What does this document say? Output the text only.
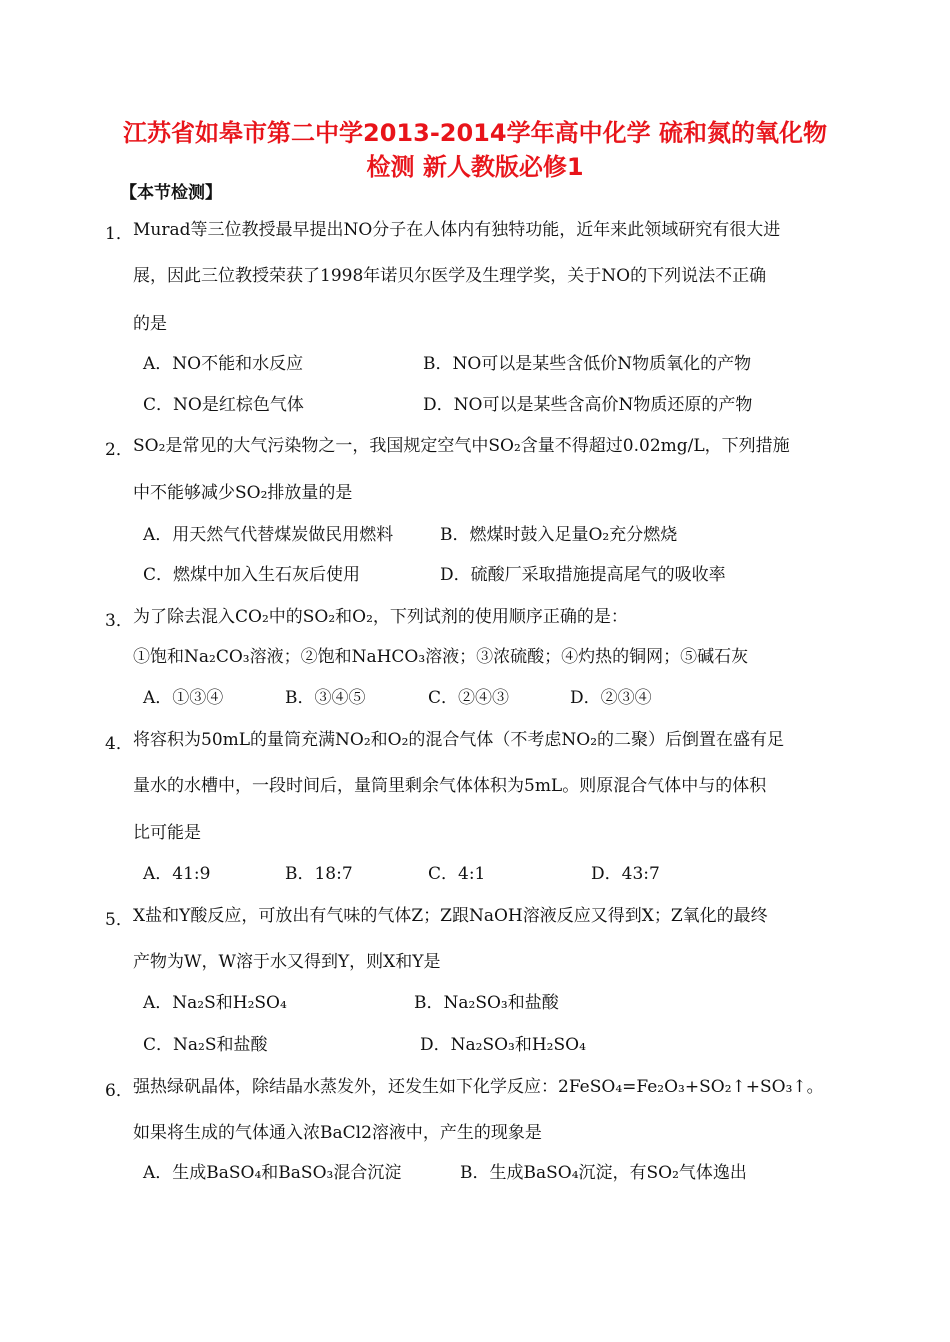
江苏省如皋市第二中学2013-2014学年高中化学 硫和氮的氧化物
检测 新人教版必修1
【本节检测】
1． Murad等三位教授最早提出NO分子在人体内有独特功能，近年来此领域研究有很大进
展，因此三位教授荣获了1998年诺贝尔医学及生理学奖，关于NO的下列说法不正确
的是
A．NO不能和水反应	B．NO可以是某些含低价N物质氧化的产物
C．NO是红棕色气体	D．NO可以是某些含高价N物质还原的产物
2． SO₂是常见的大气污染物之一，我国规定空气中SO₂含量不得超过0.02mg/L，下列措施
中不能够减少SO₂排放量的是
A．用天然气代替煤炭做民用燃料	B．燃煤时鼓入足量O₂充分燃烧
C．燃煤中加入生石灰后使用	D．硫酸厂采取措施提高尾气的吸收率
3． 为了除去混入CO₂中的SO₂和O₂，下列试剂的使用顺序正确的是：
①饱和Na₂CO₃溶液；②饱和NaHCO₃溶液；③浓硫酸；④灼热的铜网；⑤碱石灰
A．①③④	B．③④⑤	C．②④③	D．②③④
4． 将容积为50mL的量筒充满NO₂和O₂的混合气体（不考虑NO₂的二聚）后倒置在盛有足
量水的水槽中，一段时间后，量筒里剩余气体体积为5mL。则原混合气体中与的体积
比可能是
A．41:9	B．18:7	C．4:1	D．43:7
5． X盐和Y酸反应，可放出有气味的气体Z；Z跟NaOH溶液反应又得到X；Z氧化的最终
产物为W，W溶于水又得到Y，则X和Y是
A．Na₂S和H₂SO₄	B．Na₂SO₃和盐酸
C．Na₂S和盐酸	D．Na₂SO₃和H₂SO₄
6． 强热绿矾晶体，除结晶水蒸发外，还发生如下化学反应：2FeSO₄=Fe₂O₃+SO₂↑+SO₃↑。
如果将生成的气体通入浓BaCl2溶液中，产生的现象是
A．生成BaSO₄和BaSO₃混合沉淀	B．生成BaSO₄沉淀，有SO₂气体逸出
